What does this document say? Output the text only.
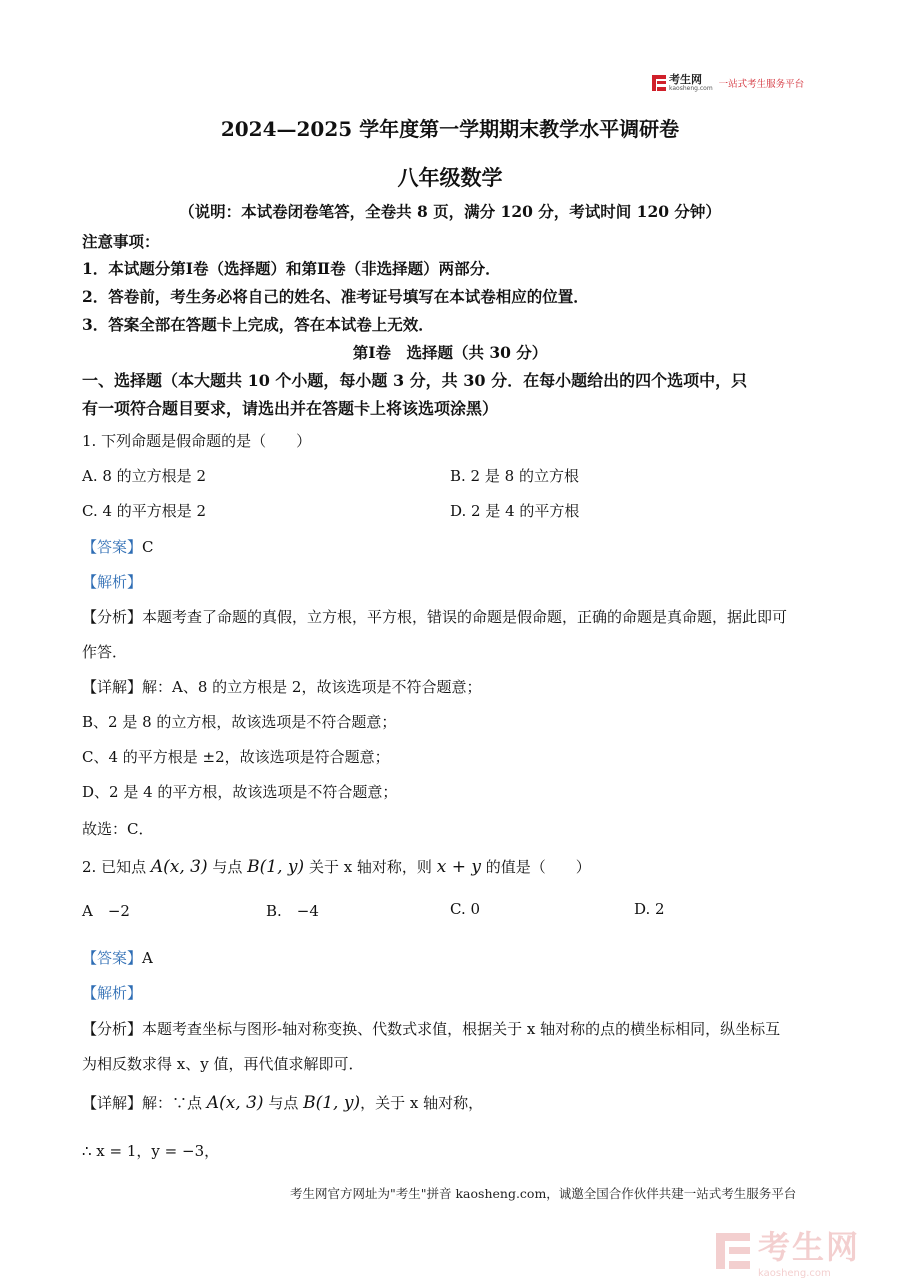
考生网
kaosheng.com 一站式考生服务平台
2024—2025 学年度第一学期期末教学水平调研卷
八年级数学
（说明：本试卷闭卷笔答，全卷共 8 页，满分 120 分，考试时间 120 分钟）
注意事项：
1．本试题分第Ⅰ卷（选择题）和第Ⅱ卷（非选择题）两部分．
2．答卷前，考生务必将自己的姓名、准考证号填写在本试卷相应的位置．
3．答案全部在答题卡上完成，答在本试卷上无效．
第Ⅰ卷　选择题（共 30 分）
一、选择题（本大题共 10 个小题，每小题 3 分，共 30 分．在每小题给出的四个选项中，只
有一项符合题目要求，请选出并在答题卡上将该选项涂黑）
1. 下列命题是假命题的是（　　）
A. 8 的立方根是 2	B. 2 是 8 的立方根
C. 4 的平方根是 2	D. 2 是 4 的平方根
【答案】C
【解析】
【分析】本题考查了命题的真假，立方根，平方根，错误的命题是假命题，正确的命题是真命题，据此即可
作答．
【详解】解：A、8 的立方根是 2，故该选项是不符合题意；
B、2 是 8 的立方根，故该选项是不符合题意；
C、4 的平方根是 ±2，故该选项是符合题意；
D、2 是 4 的平方根，故该选项是不符合题意；
故选：C．
2. 已知点 A(x, 3) 与点 B(1, y) 关于 x 轴对称，则 x + y 的值是（　　）
A　−2	B.　−4	C. 0	D. 2
【答案】A
【解析】
【分析】本题考查坐标与图形-轴对称变换、代数式求值，根据关于 x 轴对称的点的横坐标相同，纵坐标互
为相反数求得 x、y 值，再代值求解即可．
【详解】解：∵点 A(x, 3) 与点 B(1, y)，关于 x 轴对称，
∴ x = 1，y = −3，
考生网官方网址为"考生"拼音 kaosheng.com，诚邀全国合作伙伴共建一站式考生服务平台
考生网
kaosheng.com
